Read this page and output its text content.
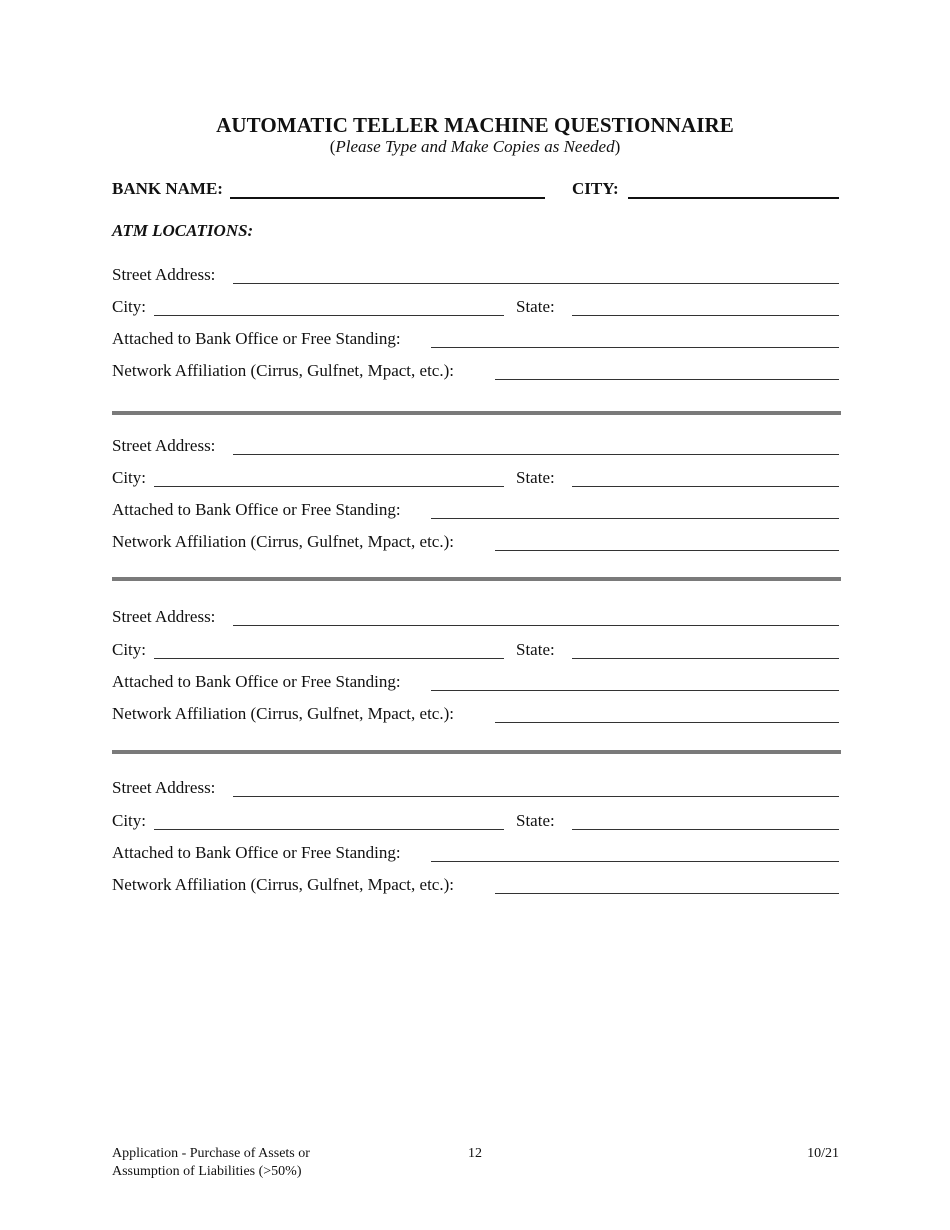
AUTOMATIC TELLER MACHINE QUESTIONNAIRE
(Please Type and Make Copies as Needed)
BANK NAME:	CITY:
ATM LOCATIONS:
Street Address:
City:	State:
Attached to Bank Office or Free Standing:
Network Affiliation (Cirrus, Gulfnet, Mpact, etc.):
Street Address:
City:	State:
Attached to Bank Office or Free Standing:
Network Affiliation (Cirrus, Gulfnet, Mpact, etc.):
Street Address:
City:	State:
Attached to Bank Office or Free Standing:
Network Affiliation (Cirrus, Gulfnet, Mpact, etc.):
Street Address:
City:	State:
Attached to Bank Office or Free Standing:
Network Affiliation (Cirrus, Gulfnet, Mpact, etc.):
Application - Purchase of Assets or
Assumption of Liabilities (>50%)
12	10/21
